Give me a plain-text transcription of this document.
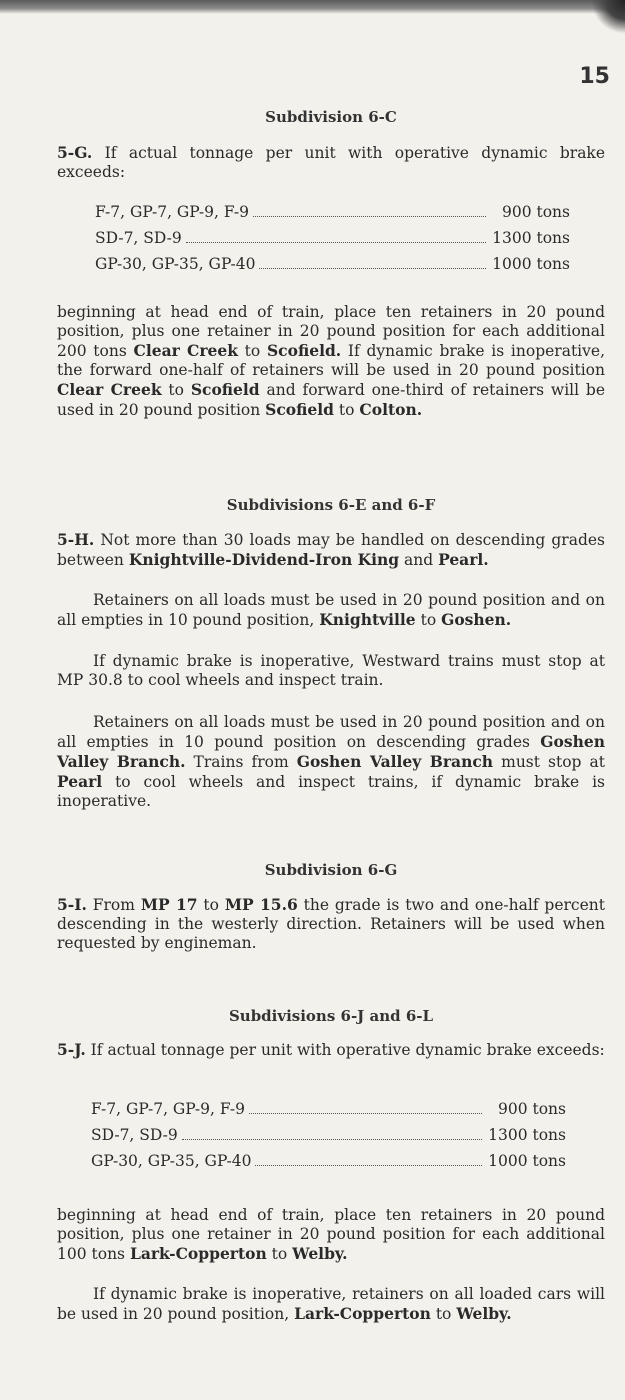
15
Subdivision 6-C
5-G. If actual tonnage per unit with operative dynamic brake exceeds:
F-7, GP-7, GP-9, F-9	900 tons
SD-7, SD-9	1300 tons
GP-30, GP-35, GP-40	1000 tons
beginning at head end of train, place ten retainers in 20 pound position, plus one retainer in 20 pound position for each additional 200 tons Clear Creek to Scofield. If dynamic brake is inoperative, the forward one-half of retainers will be used in 20 pound position Clear Creek to Scofield and forward one-third of retainers will be used in 20 pound position Scofield to Colton.
Subdivisions 6-E and 6-F
5-H. Not more than 30 loads may be handled on descending grades between Knightville-Dividend-Iron King and Pearl.
Retainers on all loads must be used in 20 pound position and on all empties in 10 pound position, Knightville to Goshen.
If dynamic brake is inoperative, Westward trains must stop at MP 30.8 to cool wheels and inspect train.
Retainers on all loads must be used in 20 pound position and on all empties in 10 pound position on descending grades Goshen Valley Branch. Trains from Goshen Valley Branch must stop at Pearl to cool wheels and inspect trains, if dynamic brake is inoperative.
Subdivision 6-G
5-I. From MP 17 to MP 15.6 the grade is two and one-half percent descending in the westerly direction. Retainers will be used when requested by engineman.
Subdivisions 6-J and 6-L
5-J. If actual tonnage per unit with operative dynamic brake exceeds:
F-7, GP-7, GP-9, F-9	900 tons
SD-7, SD-9	1300 tons
GP-30, GP-35, GP-40	1000 tons
beginning at head end of train, place ten retainers in 20 pound position, plus one retainer in 20 pound position for each additional 100 tons Lark-Copperton to Welby.
If dynamic brake is inoperative, retainers on all loaded cars will be used in 20 pound position, Lark-Copperton to Welby.
